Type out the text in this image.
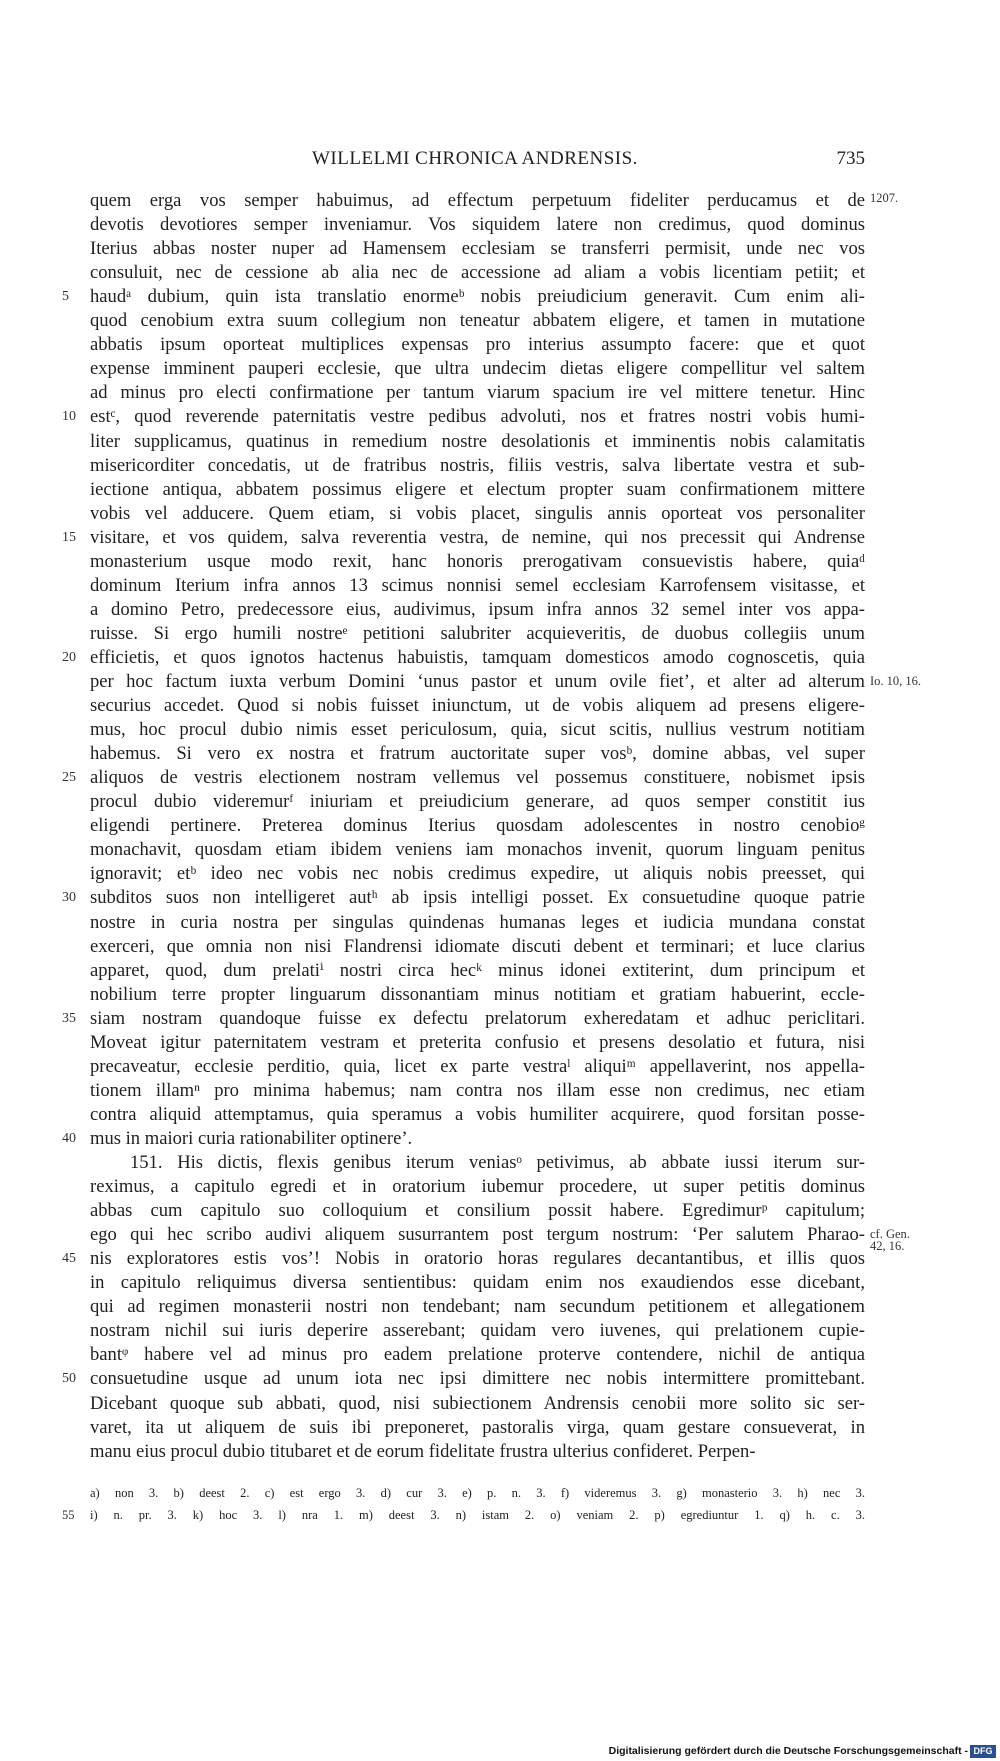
WILLELMI CHRONICA ANDRENSIS.	735
quem erga vos semper habuimus, ad effectum perpetuum fideliter perducamus et de
devotis devotiores semper inveniamur. Vos siquidem latere non credimus, quod dominus
Iterius abbas noster nuper ad Hamensem ecclesiam se transferri permisit, unde nec vos
consuluit, nec de cessione ab alia nec de accessione ad aliam a vobis licentiam petiit; et
haudᵃ dubium, quin ista translatio enormeᵇ nobis preiudicium generavit. Cum enim ali-
quod cenobium extra suum collegium non teneatur abbatem eligere, et tamen in mutatione
abbatis ipsum oporteat multiplices expensas pro interius assumpto facere: que et quot
expense imminent pauperi ecclesie, que ultra undecim dietas eligere compellitur vel saltem
ad minus pro electi confirmatione per tantum viarum spacium ire vel mittere tenetur. Hinc
estᶜ, quod reverende paternitatis vestre pedibus advoluti, nos et fratres nostri vobis humi-
liter supplicamus, quatinus in remedium nostre desolationis et imminentis nobis calamitatis
misericorditer concedatis, ut de fratribus nostris, filiis vestris, salva libertate vestra et sub-
iectione antiqua, abbatem possimus eligere et electum propter suam confirmationem mittere
vobis vel adducere. Quem etiam, si vobis placet, singulis annis oporteat vos personaliter
visitare, et vos quidem, salva reverentia vestra, de nemine, qui nos precessit qui Andrense
monasterium usque modo rexit, hanc honoris prerogativam consuevistis habere, quiaᵈ
dominum Iterium infra annos 13 scimus nonnisi semel ecclesiam Karrofensem visitasse, et
a domino Petro, predecessore eius, audivimus, ipsum infra annos 32 semel inter vos appa-
ruisse. Si ergo humili nostreᵉ petitioni salubriter acquieveritis, de duobus collegiis unum
efficietis, et quos ignotos hactenus habuistis, tamquam domesticos amodo cognoscetis, quia
per hoc factum iuxta verbum Domini ‘unus pastor et unum ovile fiet’, et alter ad alterum
securius accedet. Quod si nobis fuisset iniunctum, ut de vobis aliquem ad presens eligere-
mus, hoc procul dubio nimis esset periculosum, quia, sicut scitis, nullius vestrum notitiam
habemus. Si vero ex nostra et fratrum auctoritate super vosᵇ, domine abbas, vel super
aliquos de vestris electionem nostram vellemus vel possemus constituere, nobismet ipsis
procul dubio videremurᶠ iniuriam et preiudicium generare, ad quos semper constitit ius
eligendi pertinere. Preterea dominus Iterius quosdam adolescentes in nostro cenobioᵍ
monachavit, quosdam etiam ibidem veniens iam monachos invenit, quorum linguam penitus
ignoravit; etᵇ ideo nec vobis nec nobis credimus expedire, ut aliquis nobis preesset, qui
subditos suos non intelligeret autʰ ab ipsis intelligi posset. Ex consuetudine quoque patrie
nostre in curia nostra per singulas quindenas humanas leges et iudicia mundana constat
exerceri, que omnia non nisi Flandrensi idiomate discuti debent et terminari; et luce clarius
apparet, quod, dum prelatiⁱ nostri circa hecᵏ minus idonei extiterint, dum principum et
nobilium terre propter linguarum dissonantiam minus notitiam et gratiam habuerint, eccle-
siam nostram quandoque fuisse ex defectu prelatorum exheredatam et adhuc periclitari.
Moveat igitur paternitatem vestram et preterita confusio et presens desolatio et futura, nisi
precaveatur, ecclesie perditio, quia, licet ex parte vestraˡ aliquiᵐ appellaverint, nos appella-
tionem illamⁿ pro minima habemus; nam contra nos illam esse non credimus, nec etiam
contra aliquid attemptamus, quia speramus a vobis humiliter acquirere, quod forsitan posse-
mus in maiori curia rationabiliter optinere’.
151. His dictis, flexis genibus iterum veniasᵒ petivimus, ab abbate iussi iterum sur-
reximus, a capitulo egredi et in oratorium iubemur procedere, ut super petitis dominus
abbas cum capitulo suo colloquium et consilium possit habere. Egredimurᵖ capitulum;
ego qui hec scribo audivi aliquem susurrantem post tergum nostrum: ‘Per salutem Pharao-
nis exploratores estis vos’! Nobis in oratorio horas regulares decantantibus, et illis quos
in capitulo reliquimus diversa sentientibus: quidam enim nos exaudiendos esse dicebant,
qui ad regimen monasterii nostri non tendebant; nam secundum petitionem et allegationem
nostram nichil sui iuris deperire asserebant; quidam vero iuvenes, qui prelationem cupie-
bantᵠ habere vel ad minus pro eadem prelatione proterve contendere, nichil de antiqua
consuetudine usque ad unum iota nec ipsi dimittere nec nobis intermittere promittebant.
Dicebant quoque sub abbati, quod, nisi subiectionem Andrensis cenobii more solito sic ser-
varet, ita ut aliquem de suis ibi preponeret, pastoralis virga, quam gestare consueverat, in
manu eius procul dubio titubaret et de eorum fidelitate frustra ulterius confideret. Perpen-
5
10
15
20
25
30
35
40
45
50
1207.
Io. 10, 16.
cf. Gen.
42, 16.
a) non 3. b) deest 2. c) est ergo 3. d) cur 3. e) p. n. 3. f) videremus 3. g) monasterio 3. h) nec 3.
i) n. pr. 3. k) hoc 3. l) nra 1. m) deest 3. n) istam 2. o) veniam 2. p) egrediuntur 1. q) h. c. 3.
55
Digitalisierung gefördert durch die Deutsche Forschungsgemeinschaft - DFG
